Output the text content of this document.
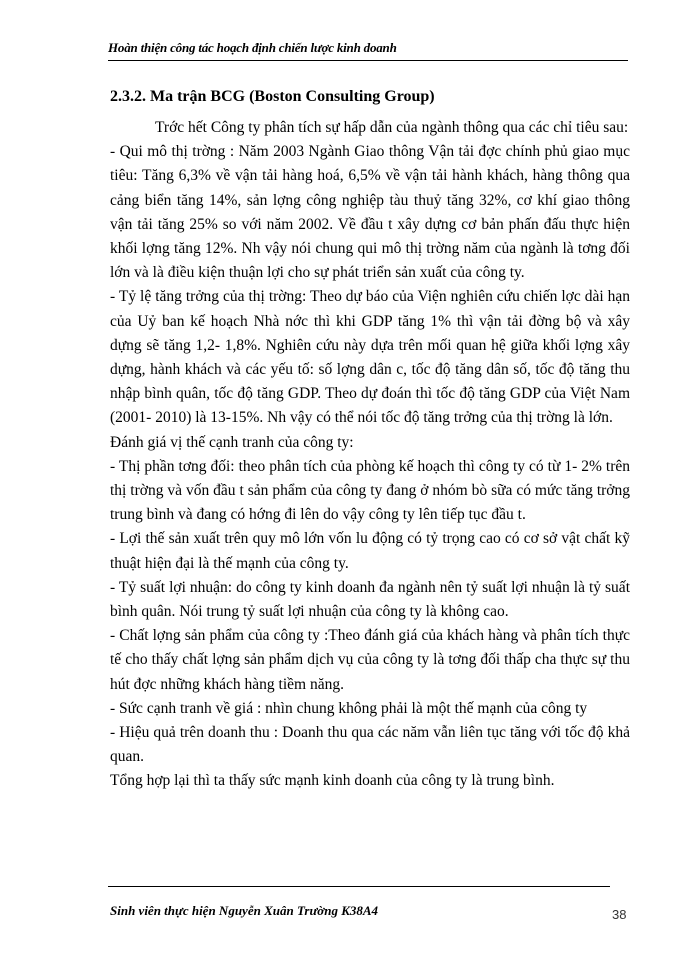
Hoàn thiện công tác hoạch định chiến lược kinh doanh
2.3.2. Ma trận BCG (Boston Consulting Group)

Trớc hết Công ty phân tích sự hấp dẫn của ngành thông qua các chỉ tiêu sau:

- Qui mô thị trờng : Năm 2003 Ngành Giao thông Vận tải đợc chính phủ giao mục tiêu: Tăng 6,3% về vận tải hàng hoá, 6,5% về vận tải hành khách, hàng thông qua cảng biển tăng 14%, sản lợng công nghiệp tàu thuỷ tăng 32%, cơ khí giao thông vận tải tăng 25% so với năm 2002. Về đầu t xây dựng cơ bản phấn đấu thực hiện khối lợng tăng 12%. Nh vậy nói chung qui mô thị trờng năm của ngành là tơng đối lớn và là điều kiện thuận lợi cho sự phát triển sản xuất của công ty.

- Tỷ lệ tăng trởng của thị trờng: Theo dự báo của Viện nghiên cứu chiến lợc dài hạn của Uỷ ban kế hoạch Nhà nớc thì khi GDP tăng 1% thì vận tải đờng bộ và xây dựng sẽ tăng 1,2- 1,8%. Nghiên cứu này dựa trên mối quan hệ giữa khối lợng xây dựng, hành khách và các yếu tố: số lợng dân c, tốc độ tăng dân số, tốc độ tăng thu nhập bình quân, tốc độ tăng GDP. Theo dự đoán thì tốc độ tăng GDP của Việt Nam (2001- 2010) là 13-15%. Nh vậy có thể nói tốc độ tăng trởng của thị trờng là lớn.

Đánh giá vị thế cạnh tranh của công ty:

- Thị phần tơng đối: theo phân tích của phòng kế hoạch thì công ty có từ 1- 2% trên thị trờng và vốn đầu t sản phẩm của công ty đang ở nhóm bò sữa có mức tăng trởng trung bình và đang có hớng đi lên do vậy công ty lên tiếp tục đầu t.

- Lợi thế sản xuất trên quy mô lớn vốn lu động có tỷ trọng cao có cơ sở vật chất kỹ thuật hiện đại là thế mạnh của công ty.

- Tỷ suất lợi nhuận: do công ty kinh doanh đa ngành nên tỷ suất lợi nhuận là tỷ suất bình quân. Nói trung tỷ suất lợi nhuận của công ty là không cao.

- Chất lợng sản phẩm của công ty :Theo đánh giá của khách hàng và phân tích thực tế cho thấy chất lợng sản phẩm dịch vụ của công ty là tơng đối thấp cha thực sự thu hút đợc những khách hàng tiềm năng.

- Sức cạnh tranh về giá : nhìn chung không phải là một thế mạnh của công ty

- Hiệu quả trên doanh thu : Doanh thu qua các năm vẫn liên tục tăng với tốc độ khả quan.

Tổng hợp lại thì ta thấy sức mạnh kinh doanh của công ty là trung bình.

Sinh viên thực hiện Nguyễn Xuân Trường K38A4	38
